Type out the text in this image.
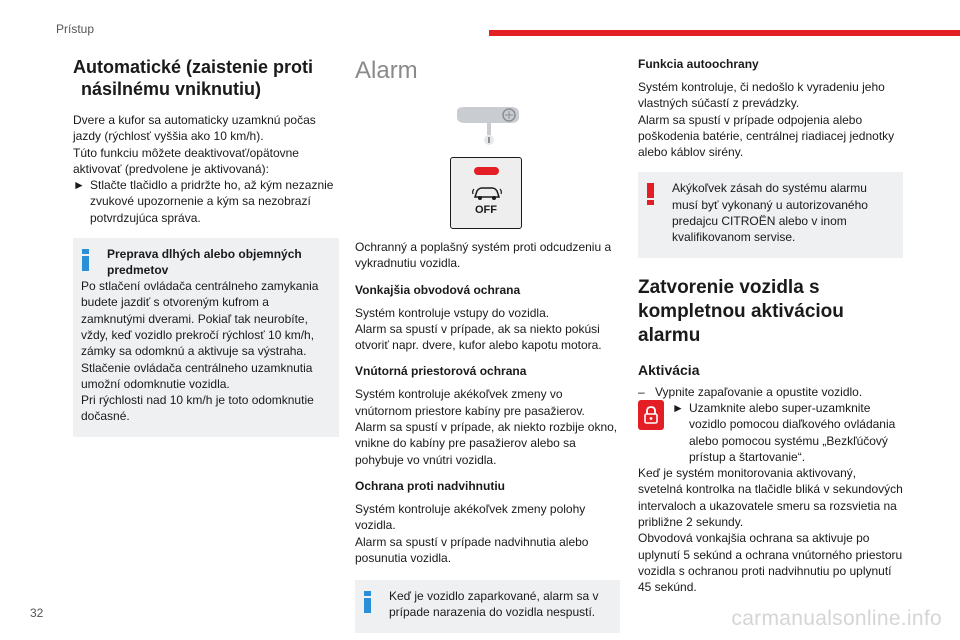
Prístup
Automatické (zaistenie proti
násilnému vniknutiu)

Dvere a kufor sa automaticky uzamknú počas jazdy (rýchlosť vyššia ako 10 km/h).

Túto funkciu môžete deaktivovať/opätovne aktivovať (predvolene je aktivovaná):

► Stlačte tlačidlo a pridržte ho, až kým nezaznie zvukové upozornenie a kým sa nezobrazí potvrdzujúca správa.
Preprava dlhých alebo objemných predmetov

Po stlačení ovládača centrálneho zamykania budete jazdiť s otvoreným kufrom a zamknutými dverami. Pokiaľ tak neurobíte, vždy, keď vozidlo prekročí rýchlosť 10 km/h, zámky sa odomknú a aktivuje sa výstraha. Stlačenie ovládača centrálneho uzamknutia umožní odomknutie vozidla.

Pri rýchlosti nad 10 km/h je toto odomknutie dočasné.

Alarm
OFF

Ochranný a poplašný systém proti odcudzeniu a vykradnutiu vozidla.

Vonkajšia obvodová ochrana

Systém kontroluje vstupy do vozidla.

Alarm sa spustí v prípade, ak sa niekto pokúsi otvoriť napr. dvere, kufor alebo kapotu motora.

Vnútorná priestorová ochrana

Systém kontroluje akékoľvek zmeny vo vnútornom priestore kabíny pre pasažierov.

Alarm sa spustí v prípade, ak niekto rozbije okno, vnikne do kabíny pre pasažierov alebo sa pohybuje vo vnútri vozidla.

Ochrana proti nadvihnutiu

Systém kontroluje akékoľvek zmeny polohy vozidla.

Alarm sa spustí v prípade nadvihnutia alebo posunutia vozidla.

Keď je vozidlo zaparkované, alarm sa v prípade narazenia do vozidla nespustí.

Funkcia autoochrany

Systém kontroluje, či nedošlo k vyradeniu jeho vlastných súčastí z prevádzky.

Alarm sa spustí v prípade odpojenia alebo poškodenia batérie, centrálnej riadiacej jednotky alebo káblov sirény.

Akýkoľvek zásah do systému alarmu musí byť vykonaný u autorizovaného predajcu CITROËN alebo v inom kvalifikovanom servise.

Zatvorenie vozidla s kompletnou aktiváciou alarmu
Aktivácia
– Vypnite zapaľovanie a opustite vozidlo.
► Uzamknite alebo super-uzamknite vozidlo pomocou diaľkového ovládania alebo pomocou systému „Bezkľúčový prístup a štartovanie“.

Keď je systém monitorovania aktivovaný, svetelná kontrolka na tlačidle bliká v sekundových intervaloch a ukazovatele smeru sa rozsvietia na približne 2 sekundy.

Obvodová vonkajšia ochrana sa aktivuje po uplynutí 5 sekúnd a ochrana vnútorného priestoru vozidla s ochranou proti nadvihnutiu po uplynutí 45 sekúnd.

32	carmanualsonline.info
